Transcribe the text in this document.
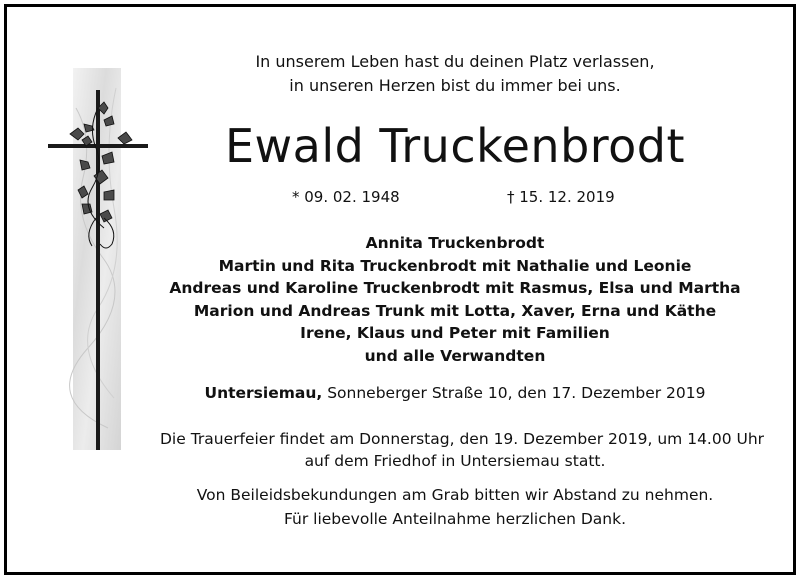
In unserem Leben hast du deinen Platz verlassen,
in unseren Herzen bist du immer bei uns.
Ewald Truckenbrodt
* 09. 02. 1948	† 15. 12. 2019
Annita Truckenbrodt
Martin und Rita Truckenbrodt mit Nathalie und Leonie
Andreas und Karoline Truckenbrodt mit Rasmus, Elsa und Martha
Marion und Andreas Trunk mit Lotta, Xaver, Erna und Käthe
Irene, Klaus und Peter mit Familien
und alle Verwandten
Untersiemau, Sonneberger Straße 10, den 17. Dezember 2019
Die Trauerfeier findet am Donnerstag, den 19. Dezember 2019, um 14.00 Uhr
auf dem Friedhof in Untersiemau statt.
Von Beileidsbekundungen am Grab bitten wir Abstand zu nehmen.
Für liebevolle Anteilnahme herzlichen Dank.
